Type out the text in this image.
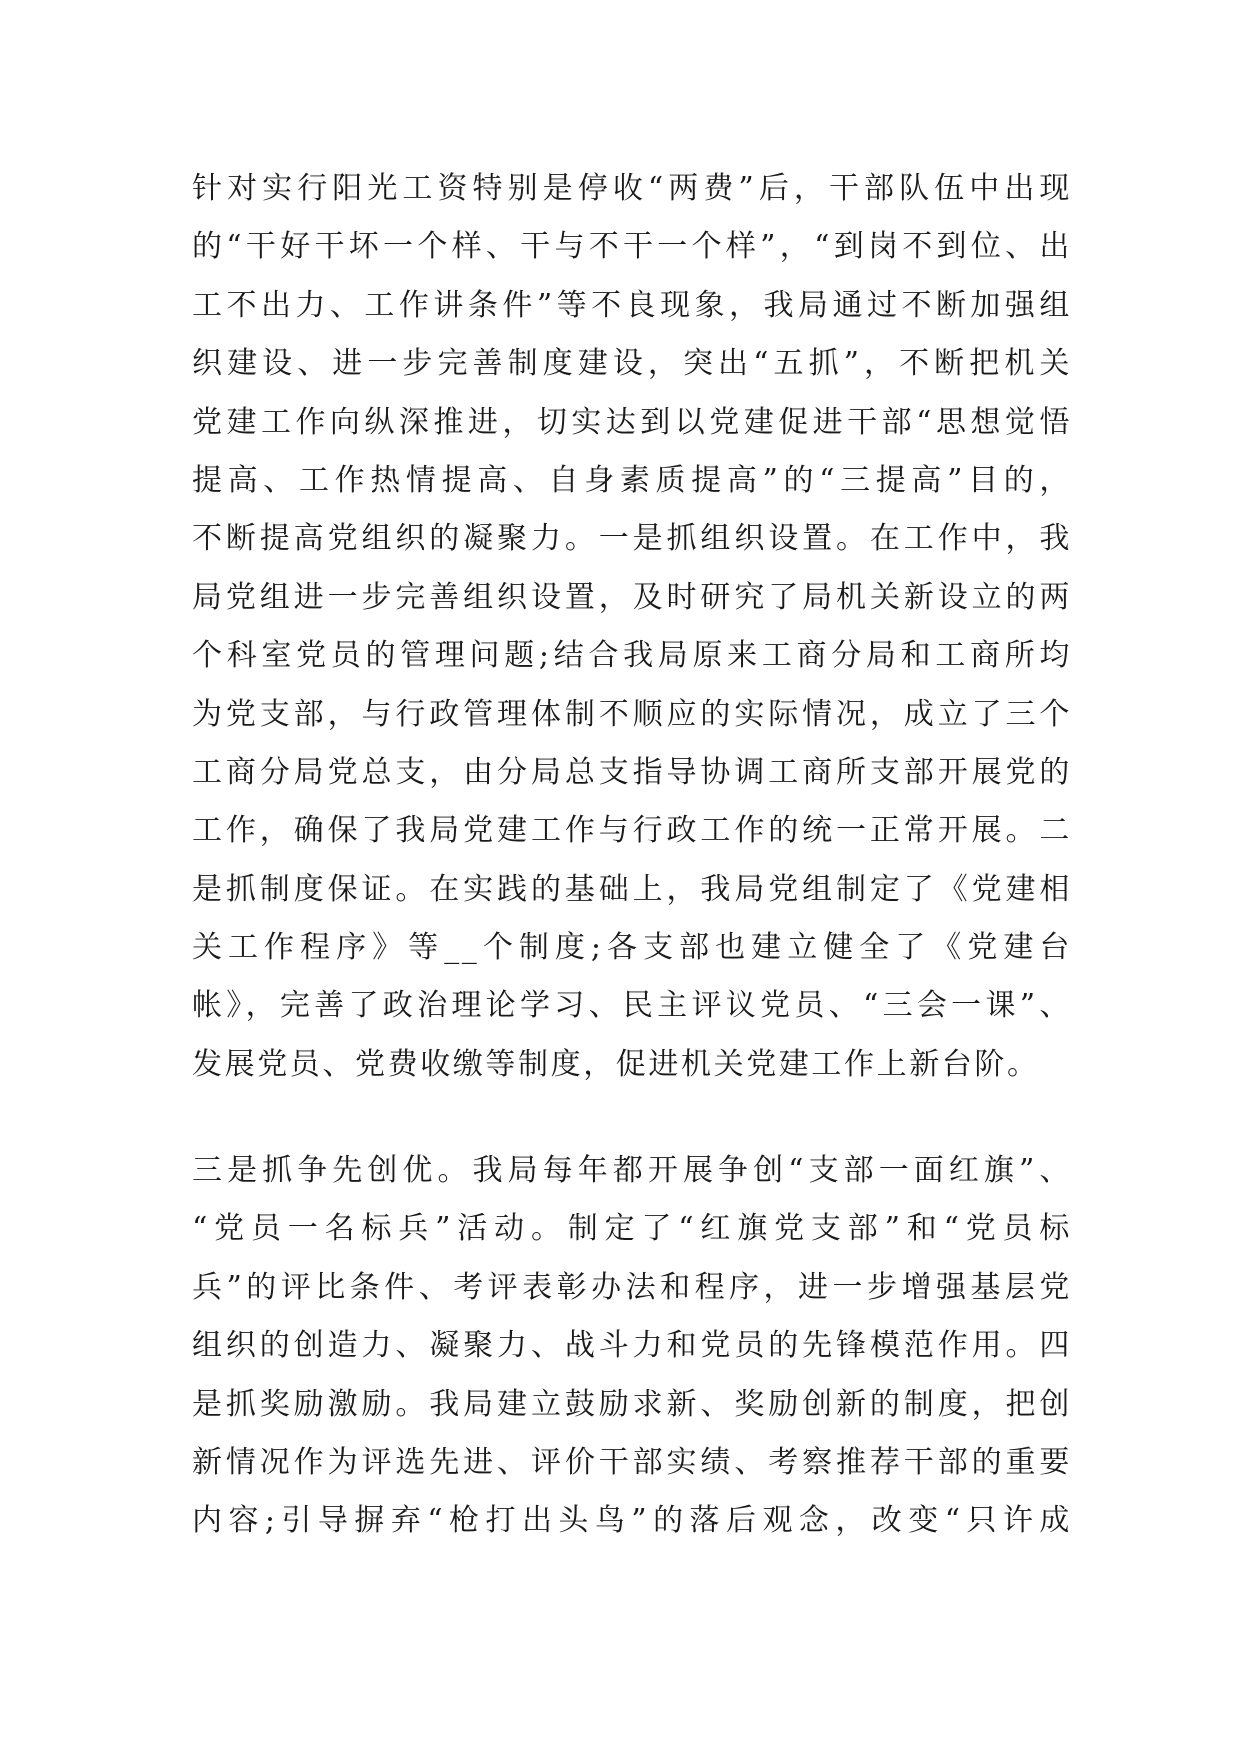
针对实行阳光工资特别是停收“两费”后，干部队伍中出现
的“干好干坏一个样、干与不干一个样”，“到岗不到位、出
工不出力、工作讲条件”等不良现象，我局通过不断加强组
织建设、进一步完善制度建设，突出“五抓”，不断把机关
党建工作向纵深推进，切实达到以党建促进干部“思想觉悟
提高、工作热情提高、自身素质提高”的“三提高”目的，
不断提高党组织的凝聚力。一是抓组织设置。在工作中，我
局党组进一步完善组织设置，及时研究了局机关新设立的两
个科室党员的管理问题;结合我局原来工商分局和工商所均
为党支部，与行政管理体制不顺应的实际情况，成立了三个
工商分局党总支，由分局总支指导协调工商所支部开展党的
工作，确保了我局党建工作与行政工作的统一正常开展。二
是抓制度保证。在实践的基础上，我局党组制定了《党建相
关工作程序》等__个制度;各支部也建立健全了《党建台
帐》，完善了政治理论学习、民主评议党员、“三会一课”、
发展党员、党费收缴等制度，促进机关党建工作上新台阶。
三是抓争先创优。我局每年都开展争创“支部一面红旗”、
“党员一名标兵”活动。制定了“红旗党支部”和“党员标
兵”的评比条件、考评表彰办法和程序，进一步增强基层党
组织的创造力、凝聚力、战斗力和党员的先锋模范作用。四
是抓奖励激励。我局建立鼓励求新、奖励创新的制度，把创
新情况作为评选先进、评价干部实绩、考察推荐干部的重要
内容;引导摒弃“枪打出头鸟”的落后观念，改变“只许成
